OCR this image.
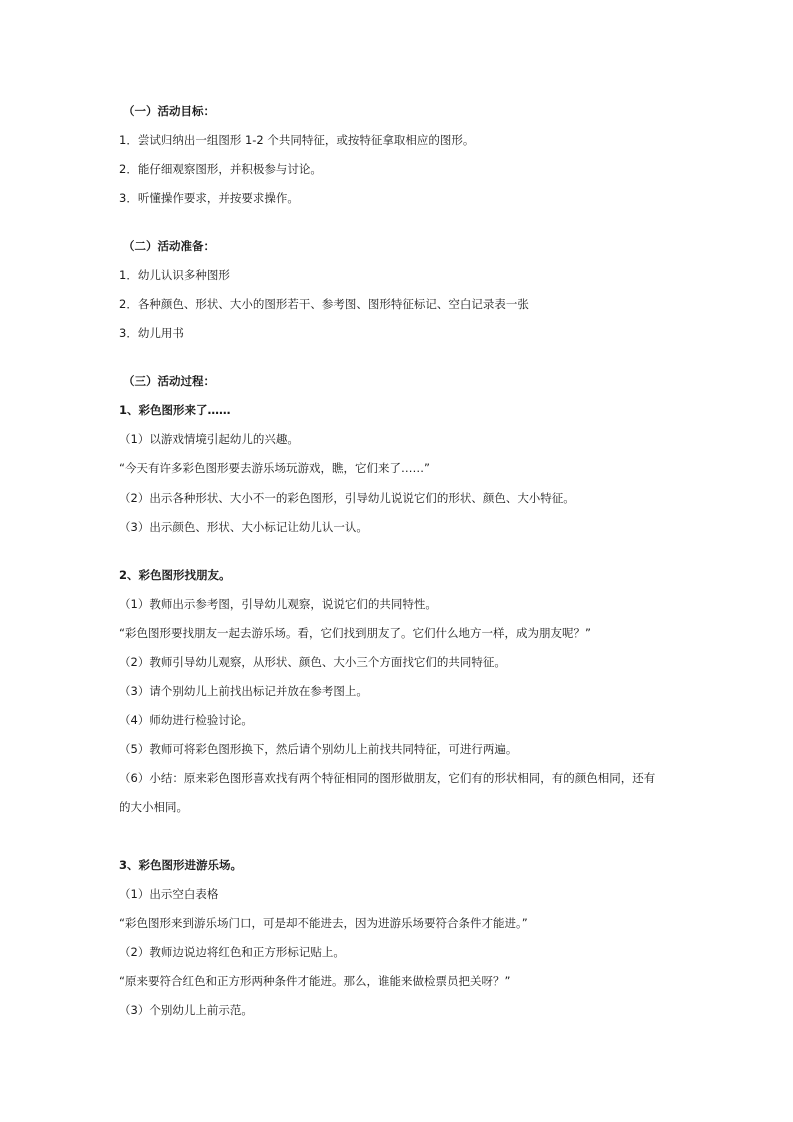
（一）活动目标：
1．尝试归纳出一组图形 1-2 个共同特征，或按特征拿取相应的图形。
2．能仔细观察图形，并积极参与讨论。
3．听懂操作要求，并按要求操作。
（二）活动准备：
1．幼儿认识多种图形
2．各种颜色、形状、大小的图形若干、参考图、图形特征标记、空白记录表一张
3．幼儿用书
（三）活动过程：
1、彩色图形来了……
（1）以游戏情境引起幼儿的兴趣。
“今天有许多彩色图形要去游乐场玩游戏，瞧，它们来了……”
（2）出示各种形状、大小不一的彩色图形，引导幼儿说说它们的形状、颜色、大小特征。
（3）出示颜色、形状、大小标记让幼儿认一认。
2、彩色图形找朋友。
（1）教师出示参考图，引导幼儿观察，说说它们的共同特性。
“彩色图形要找朋友一起去游乐场。看，它们找到朋友了。它们什么地方一样，成为朋友呢？”
（2）教师引导幼儿观察，从形状、颜色、大小三个方面找它们的共同特征。
（3）请个别幼儿上前找出标记并放在参考图上。
（4）师幼进行检验讨论。
（5）教师可将彩色图形换下，然后请个别幼儿上前找共同特征，可进行两遍。
（6）小结：原来彩色图形喜欢找有两个特征相同的图形做朋友，它们有的形状相同，有的颜色相同，还有
的大小相同。
3、彩色图形进游乐场。
（1）出示空白表格
“彩色图形来到游乐场门口，可是却不能进去，因为进游乐场要符合条件才能进。”
（2）教师边说边将红色和正方形标记贴上。
“原来要符合红色和正方形两种条件才能进。那么，谁能来做检票员把关呀？”
（3）个别幼儿上前示范。
